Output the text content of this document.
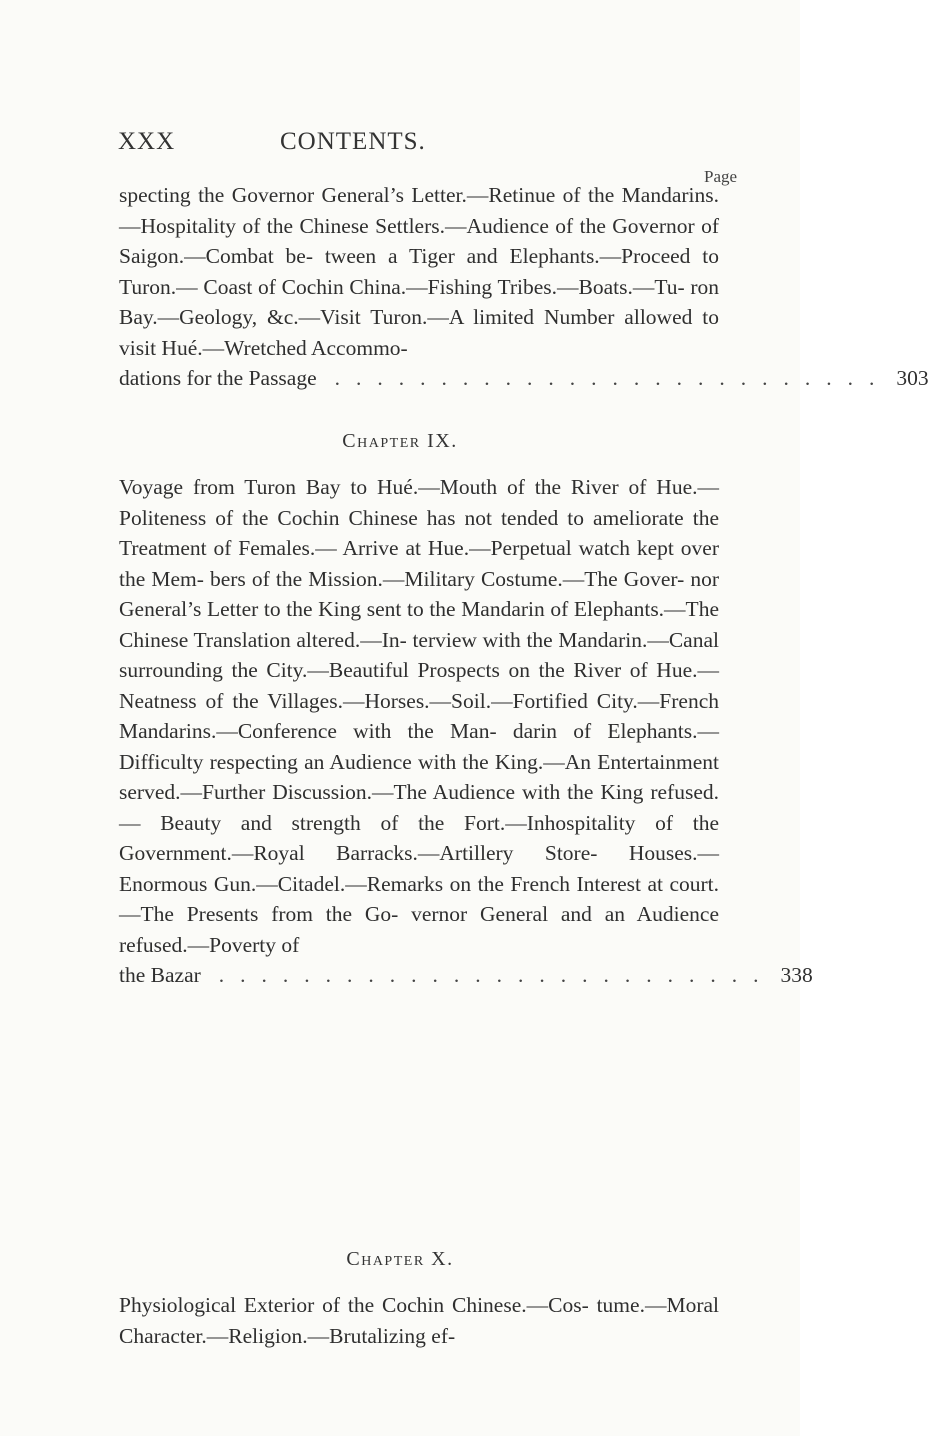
XXX	CONTENTS.
Page

specting the Governor General’s Letter.—Retinue of the Mandarins.—Hospitality of the Chinese Settlers.—Audience of the Governor of Saigon.—Combat be- tween a Tiger and Elephants.—Proceed to Turon.— Coast of Cochin China.—Fishing Tribes.—Boats.—Tu- ron Bay.—Geology, &c.—Visit Turon.—A limited Number allowed to visit Hué.—Wretched Accommo-
dations for the Passage .......................... 303

Chapter IX.

Voyage from Turon Bay to Hué.—Mouth of the River of Hue.—Politeness of the Cochin Chinese has not tended to ameliorate the Treatment of Females.— Arrive at Hue.—Perpetual watch kept over the Mem- bers of the Mission.—Military Costume.—The Gover- nor General’s Letter to the King sent to the Mandarin of Elephants.—The Chinese Translation altered.—In- terview with the Mandarin.—Canal surrounding the City.—Beautiful Prospects on the River of Hue.— Neatness of the Villages.—Horses.—Soil.—Fortified City.—French Mandarins.—Conference with the Man- darin of Elephants.—Difficulty respecting an Audience with the King.—An Entertainment served.—Further Discussion.—The Audience with the King refused.— Beauty and strength of the Fort.—Inhospitality of the Government.—Royal Barracks.—Artillery Store- Houses.—Enormous Gun.—Citadel.—Remarks on the French Interest at court.—The Presents from the Go- vernor General and an Audience refused.—Poverty of
the Bazar .......................... 338

Chapter X.

Physiological Exterior of the Cochin Chinese.—Cos- tume.—Moral Character.—Religion.—Brutalizing ef-
